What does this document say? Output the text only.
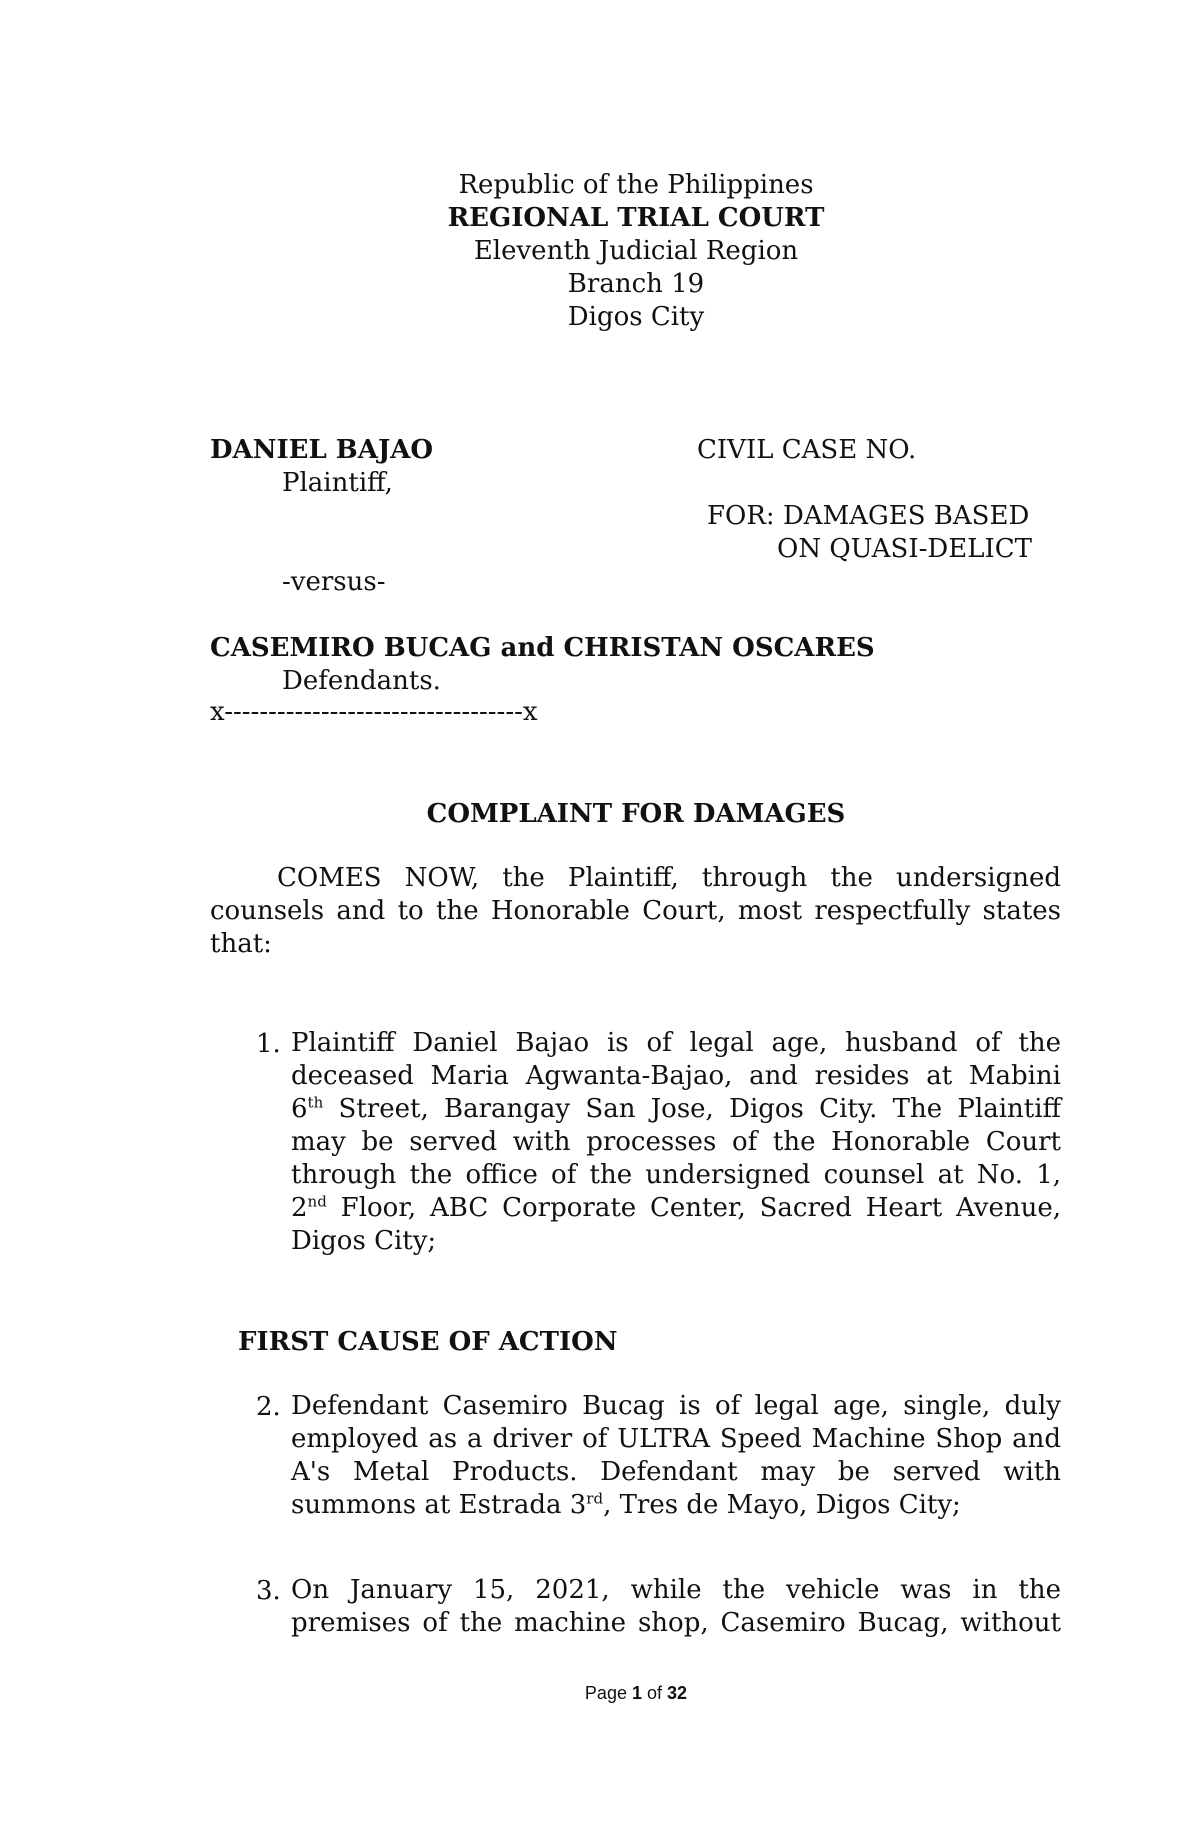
Republic of the Philippines
REGIONAL TRIAL COURT
Eleventh Judicial Region
Branch 19
Digos City
DANIEL BAJAO
Plaintiff,
-versus-
CASEMIRO BUCAG and CHRISTAN OSCARES
Defendants.
x----------------------------------x
CIVIL CASE NO.
FOR: DAMAGES BASED
ON QUASI-DELICT
COMPLAINT FOR DAMAGES
COMES NOW, the Plaintiff, through the undersigned
counsels and to the Honorable Court, most respectfully states
that:
1. Plaintiff Daniel Bajao is of legal age, husband of the
deceased Maria Agwanta-Bajao, and resides at Mabini
6th Street, Barangay San Jose, Digos City. The Plaintiff
may be served with processes of the Honorable Court
through the office of the undersigned counsel at No. 1,
2nd Floor, ABC Corporate Center, Sacred Heart Avenue,
Digos City;
FIRST CAUSE OF ACTION
2. Defendant Casemiro Bucag is of legal age, single, duly
employed as a driver of ULTRA Speed Machine Shop and
A's Metal Products. Defendant may be served with
summons at Estrada 3rd, Tres de Mayo, Digos City;
3. On January 15, 2021, while the vehicle was in the
premises of the machine shop, Casemiro Bucag, without
Page 1 of 32
